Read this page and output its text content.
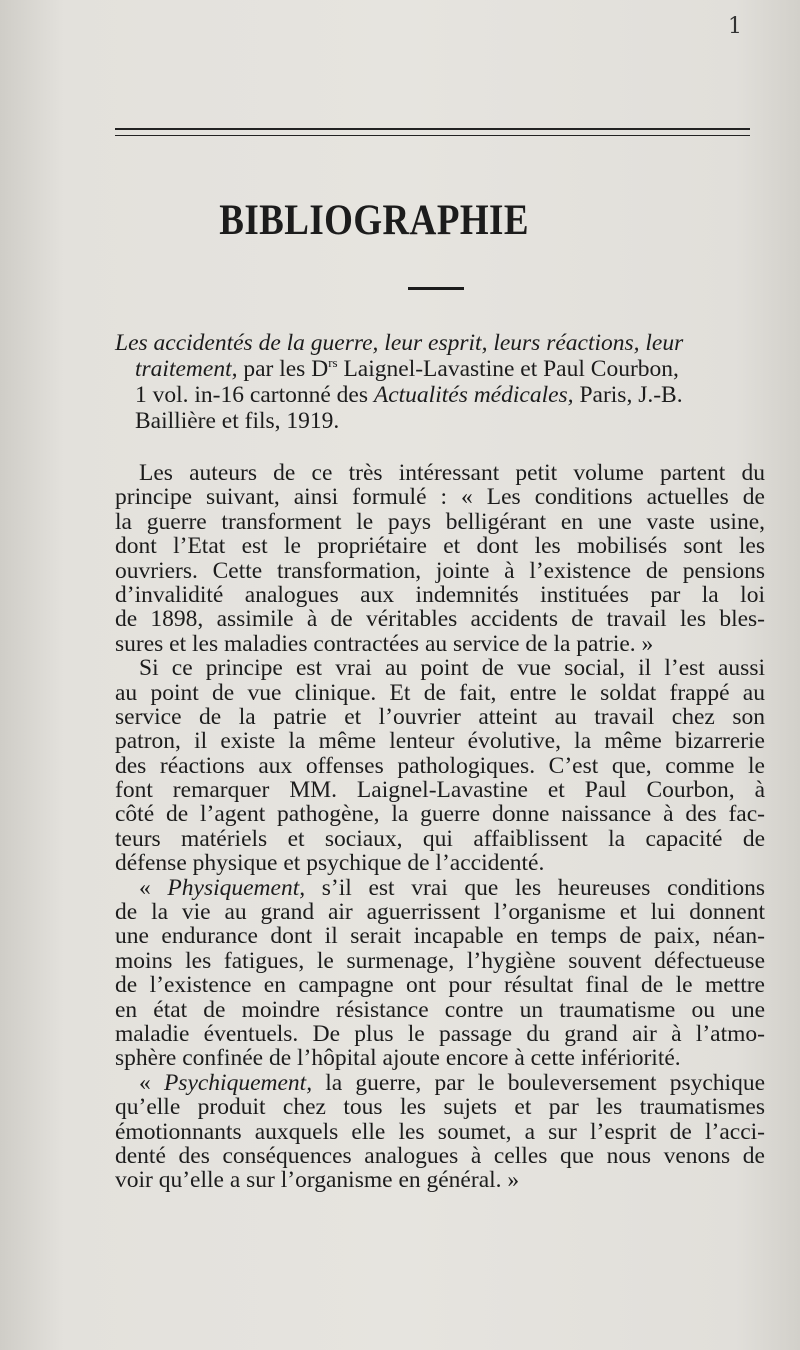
1
BIBLIOGRAPHIE
Les accidentés de la guerre, leur esprit, leurs réactions, leur
traitement, par les $D^{rs}$ Laignel-Lavastine et Paul Courbon,
1 vol. in-16 cartonné des Actualités médicales, Paris, J.-B.
Baillière et fils, 1919.
Les auteurs de ce très intéressant petit volume partent du
principe suivant, ainsi formulé : « Les conditions actuelles de
la guerre transforment le pays belligérant en une vaste usine,
dont l’Etat est le propriétaire et dont les mobilisés sont les
ouvriers. Cette transformation, jointe à l’existence de pensions
d’invalidité analogues aux indemnités instituées par la loi
de 1898, assimile à de véritables accidents de travail les bles-
sures et les maladies contractées au service de la patrie. »
Si ce principe est vrai au point de vue social, il l’est aussi
au point de vue clinique. Et de fait, entre le soldat frappé au
service de la patrie et l’ouvrier atteint au travail chez son
patron, il existe la même lenteur évolutive, la même bizarrerie
des réactions aux offenses pathologiques. C’est que, comme le
font remarquer MM. Laignel-Lavastine et Paul Courbon, à
côté de l’agent pathogène, la guerre donne naissance à des fac-
teurs matériels et sociaux, qui affaiblissent la capacité de
défense physique et psychique de l’accidenté.
« Physiquement, s’il est vrai que les heureuses conditions
de la vie au grand air aguerrissent l’organisme et lui donnent
une endurance dont il serait incapable en temps de paix, néan-
moins les fatigues, le surmenage, l’hygiène souvent défectueuse
de l’existence en campagne ont pour résultat final de le mettre
en état de moindre résistance contre un traumatisme ou une
maladie éventuels. De plus le passage du grand air à l’atmo-
sphère confinée de l’hôpital ajoute encore à cette infériorité.
« Psychiquement, la guerre, par le bouleversement psychique
qu’elle produit chez tous les sujets et par les traumatismes
émotionnants auxquels elle les soumet, a sur l’esprit de l’acci-
denté des conséquences analogues à celles que nous venons de
voir qu’elle a sur l’organisme en général. »
